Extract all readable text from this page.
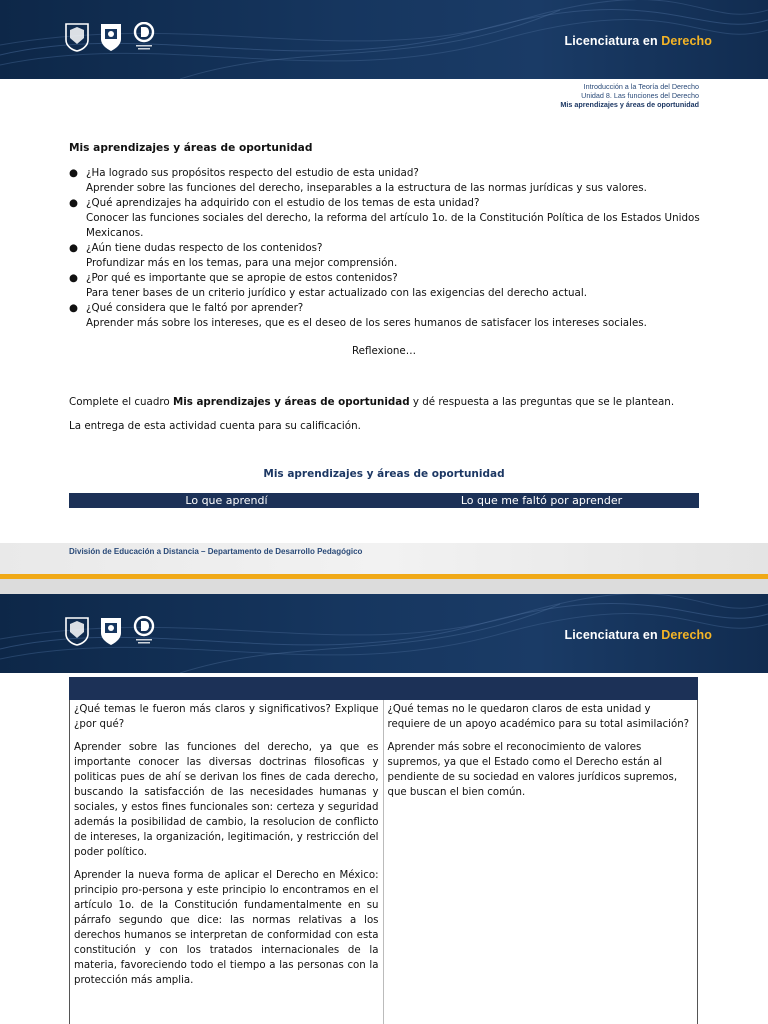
Licenciatura en Derecho
Introducción a la Teoría del Derecho
Unidad 8. Las funciones del Derecho
Mis aprendizajes y áreas de oportunidad
Mis aprendizajes y áreas de oportunidad
● ¿Ha logrado sus propósitos respecto del estudio de esta unidad?
Aprender sobre las funciones del derecho, inseparables a la estructura de las normas jurídicas y sus valores.
● ¿Qué aprendizajes ha adquirido con el estudio de los temas de esta unidad?
Conocer las funciones sociales del derecho, la reforma del artículo 1o. de la Constitución Política de los Estados Unidos Mexicanos.
● ¿Aún tiene dudas respecto de los contenidos?
Profundizar más en los temas, para una mejor comprensión.
● ¿Por qué es importante que se apropie de estos contenidos?
Para tener bases de un criterio jurídico y estar actualizado con las exigencias del derecho actual.
● ¿Qué considera que le faltó por aprender?
Aprender más sobre los intereses, que es el deseo de los seres humanos de satisfacer los intereses sociales.
Reflexione…

Complete el cuadro Mis aprendizajes y áreas de oportunidad y dé respuesta a las preguntas que se le plantean.

La entrega de esta actividad cuenta para su calificación.

Mis aprendizajes y áreas de oportunidad
Lo que aprendí	Lo que me faltó por aprender
División de Educación a Distancia – Departamento de Desarrollo Pedagógico
Licenciatura en Derecho

¿Qué temas le fueron más claros y significativos? Explique ¿por qué?

Aprender sobre las funciones del derecho, ya que es importante conocer las diversas doctrinas filosoficas y politicas pues de ahí se derivan los fines de cada derecho, buscando la satisfacción de las necesidades humanas y sociales, y estos fines funcionales son: certeza y seguridad además la posibilidad de cambio, la resolucion de conflicto de intereses, la organización, legitimación, y restricción del poder político.

Aprender la nueva forma de aplicar el Derecho en México: principio pro-persona y este principio lo encontramos en el artículo 1o. de la Constitución fundamentalmente en su párrafo segundo que dice: las normas relativas a los derechos humanos se interpretan de conformidad con esta constitución y con los tratados internacionales de la materia, favoreciendo todo el tiempo a las personas con la protección más amplia.

¿Qué temas no le quedaron claros de esta unidad y requiere de un apoyo académico para su total asimilación?

Aprender más sobre el reconocimiento de valores supremos, ya que el Estado como el Derecho están al pendiente de su sociedad en valores jurídicos supremos, que buscan el bien común.
